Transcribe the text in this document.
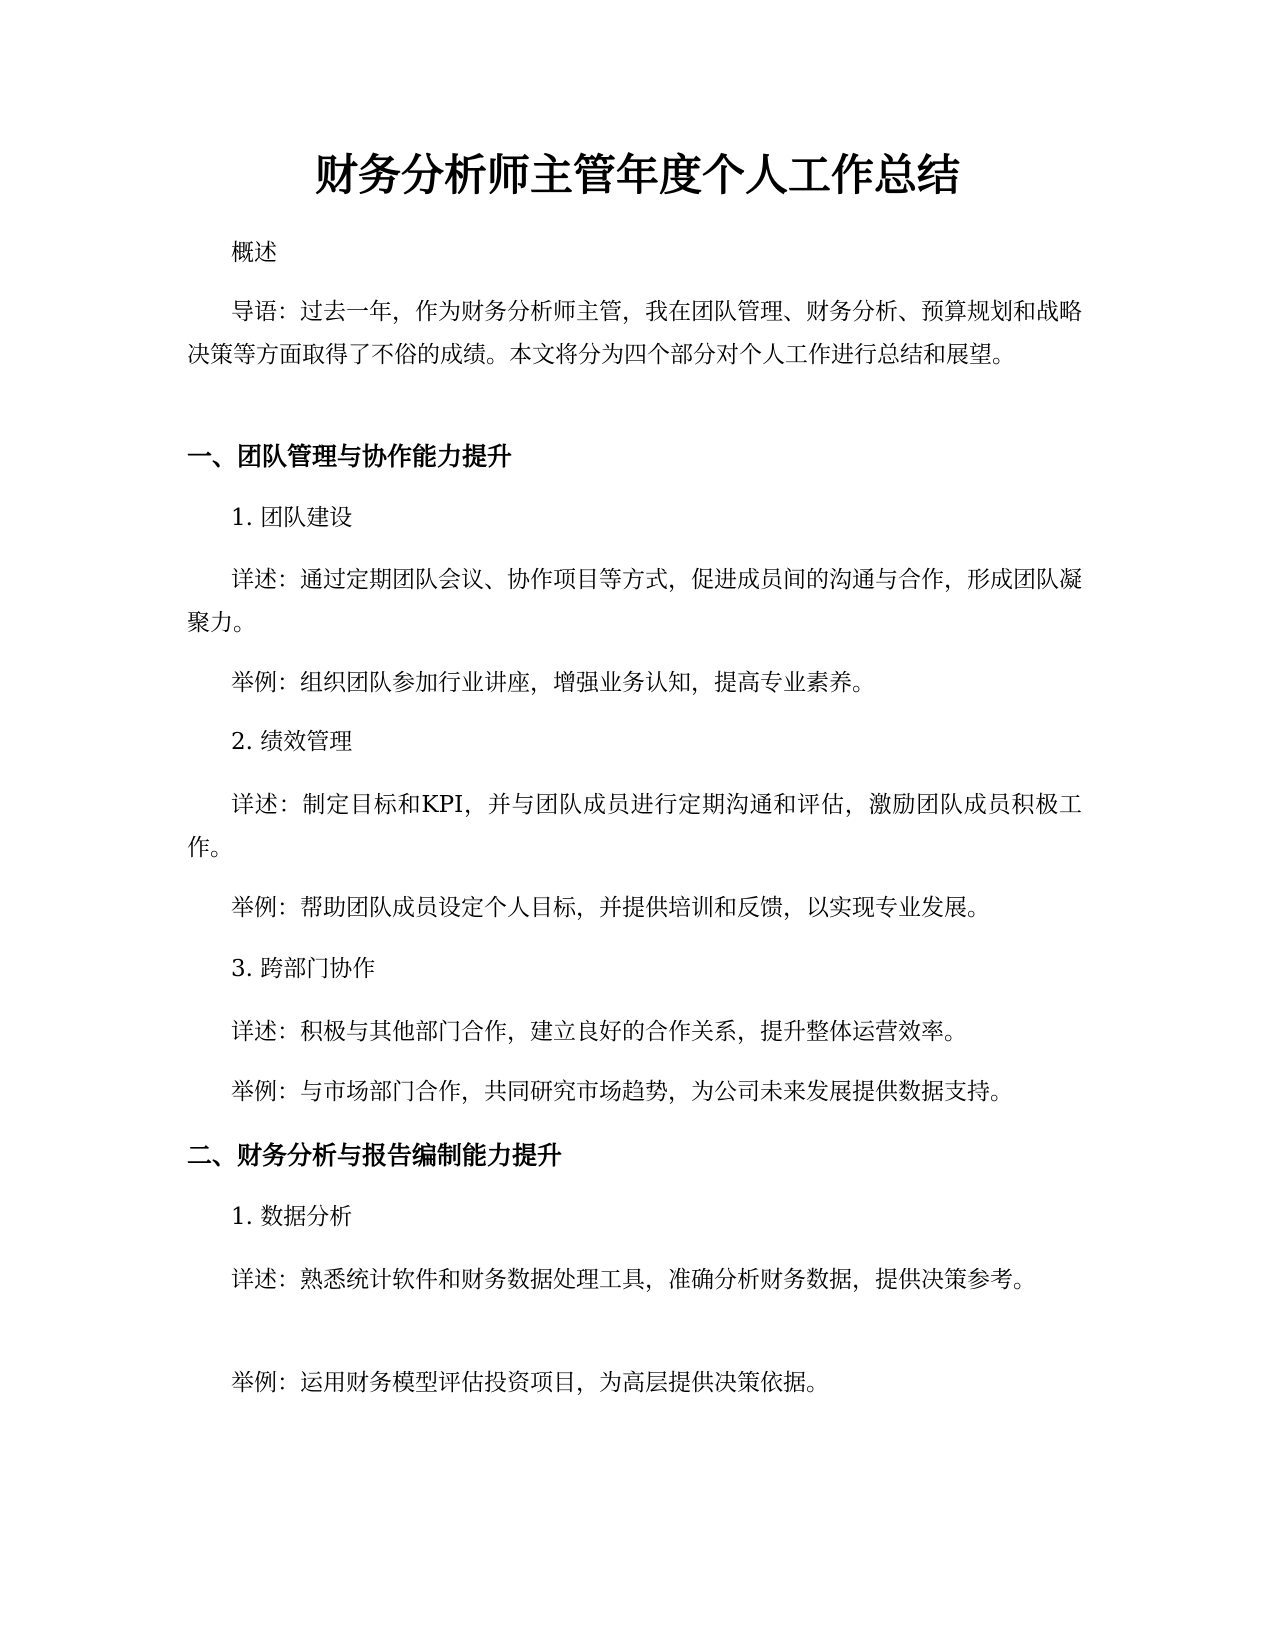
财务分析师主管年度个人工作总结

概述

导语：过去一年，作为财务分析师主管，我在团队管理、财务分析、预算规划和战略决策等方面取得了不俗的成绩。本文将分为四个部分对个人工作进行总结和展望。

一、团队管理与协作能力提升

1. 团队建设

详述：通过定期团队会议、协作项目等方式，促进成员间的沟通与合作，形成团队凝聚力。

举例：组织团队参加行业讲座，增强业务认知，提高专业素养。

2. 绩效管理

详述：制定目标和KPI，并与团队成员进行定期沟通和评估，激励团队成员积极工作。

举例：帮助团队成员设定个人目标，并提供培训和反馈，以实现专业发展。

3. 跨部门协作

详述：积极与其他部门合作，建立良好的合作关系，提升整体运营效率。

举例：与市场部门合作，共同研究市场趋势，为公司未来发展提供数据支持。

二、财务分析与报告编制能力提升

1. 数据分析

详述：熟悉统计软件和财务数据处理工具，准确分析财务数据，提供决策参考。

举例：运用财务模型评估投资项目，为高层提供决策依据。
